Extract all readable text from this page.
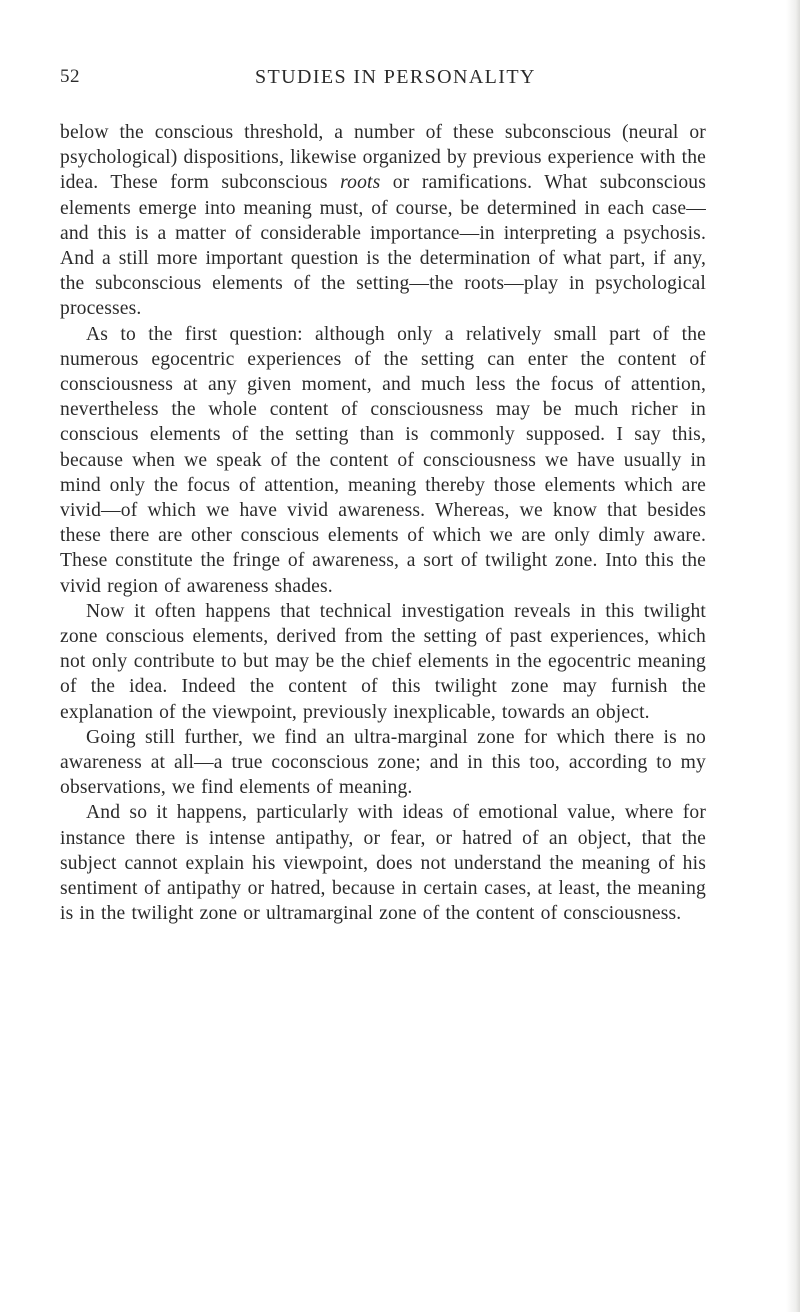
52	STUDIES IN PERSONALITY

below the conscious threshold, a number of these subconscious (neural or psychological) dispositions, likewise organized by previous experience with the idea. These form subconscious roots or ramifications. What subconscious elements emerge into meaning must, of course, be determined in each case—and this is a matter of considerable importance—in interpreting a psychosis. And a still more important question is the determination of what part, if any, the subconscious elements of the setting—the roots—play in psychological processes.

As to the first question: although only a relatively small part of the numerous egocentric experiences of the setting can enter the content of consciousness at any given moment, and much less the focus of attention, nevertheless the whole content of consciousness may be much richer in conscious elements of the setting than is commonly supposed. I say this, because when we speak of the content of consciousness we have usually in mind only the focus of attention, meaning thereby those elements which are vivid—of which we have vivid awareness. Whereas, we know that besides these there are other conscious elements of which we are only dimly aware. These constitute the fringe of awareness, a sort of twilight zone. Into this the vivid region of awareness shades.

Now it often happens that technical investigation reveals in this twilight zone conscious elements, derived from the setting of past experiences, which not only contribute to but may be the chief elements in the egocentric meaning of the idea. Indeed the content of this twilight zone may furnish the explanation of the viewpoint, previously inexplicable, towards an object.

Going still further, we find an ultra-marginal zone for which there is no awareness at all—a true coconscious zone; and in this too, according to my observations, we find elements of meaning.

And so it happens, particularly with ideas of emotional value, where for instance there is intense antipathy, or fear, or hatred of an object, that the subject cannot explain his viewpoint, does not understand the meaning of his sentiment of antipathy or hatred, because in certain cases, at least, the meaning is in the twilight zone or ultramarginal zone of the content of consciousness.
